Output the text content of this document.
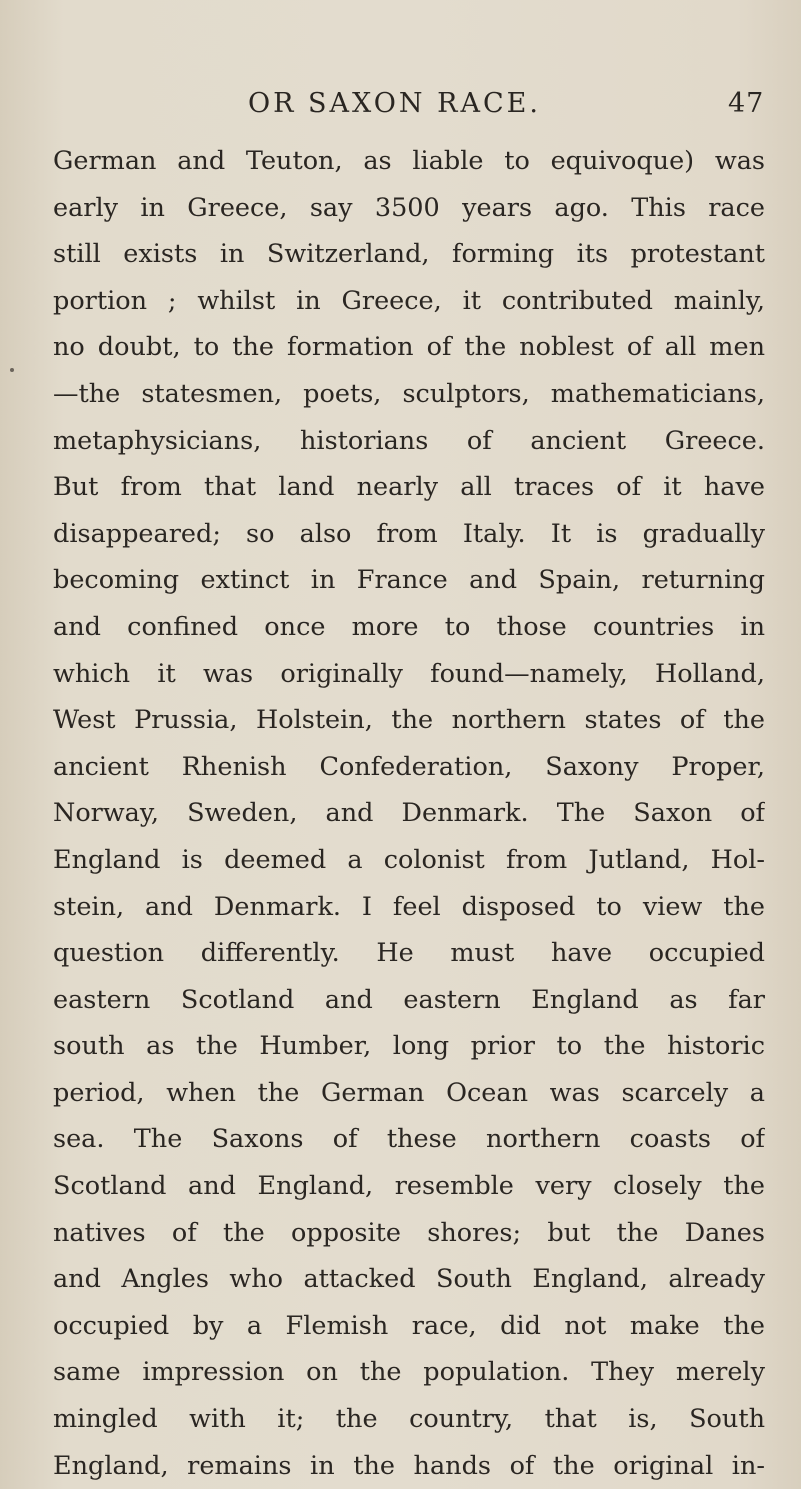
OR SAXON RACE.	47
German and Teuton, as liable to equivoque) was
early in Greece, say 3500 years ago. This race
still exists in Switzerland, forming its protestant
portion ; whilst in Greece, it contributed mainly,
no doubt, to the formation of the noblest of all men
—the statesmen, poets, sculptors, mathematicians,
metaphysicians, historians of ancient Greece.
But from that land nearly all traces of it have
disappeared; so also from Italy. It is gradually
becoming extinct in France and Spain, returning
and confined once more to those countries in
which it was originally found—namely, Holland,
West Prussia, Holstein, the northern states of the
ancient Rhenish Confederation, Saxony Proper,
Norway, Sweden, and Denmark. The Saxon of
England is deemed a colonist from Jutland, Hol-
stein, and Denmark. I feel disposed to view the
question differently. He must have occupied
eastern Scotland and eastern England as far
south as the Humber, long prior to the historic
period, when the German Ocean was scarcely a
sea. The Saxons of these northern coasts of
Scotland and England, resemble very closely the
natives of the opposite shores; but the Danes
and Angles who attacked South England, already
occupied by a Flemish race, did not make the
same impression on the population. They merely
mingled with it; the country, that is, South
England, remains in the hands of the original in-
